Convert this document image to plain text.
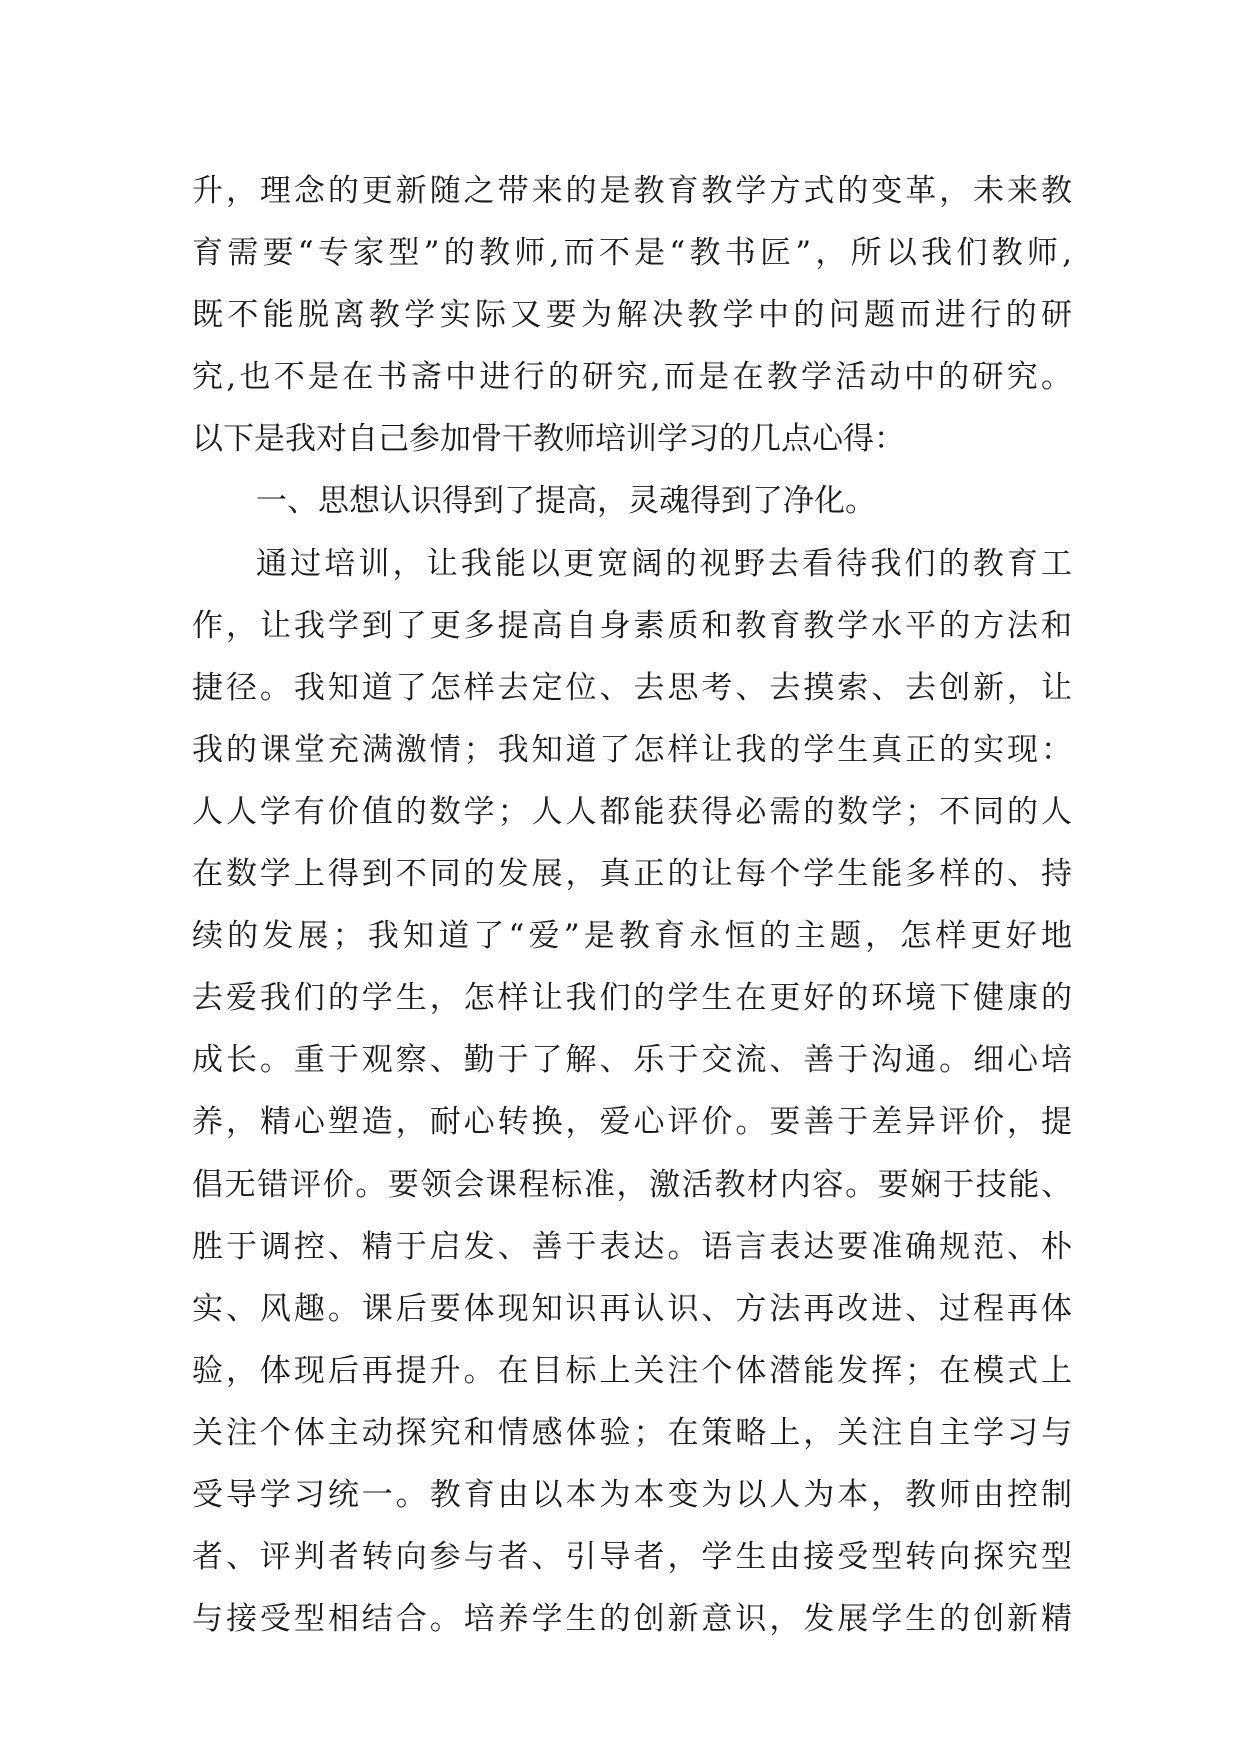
升，理念的更新随之带来的是教育教学方式的变革，未来教
育需要“专家型”的教师,而不是“教书匠”，所以我们教师,
既不能脱离教学实际又要为解决教学中的问题而进行的研
究,也不是在书斋中进行的研究,而是在教学活动中的研究。
以下是我对自己参加骨干教师培训学习的几点心得：
一、思想认识得到了提高，灵魂得到了净化。
通过培训，让我能以更宽阔的视野去看待我们的教育工
作，让我学到了更多提高自身素质和教育教学水平的方法和
捷径。我知道了怎样去定位、去思考、去摸索、去创新，让
我的课堂充满激情；我知道了怎样让我的学生真正的实现：
人人学有价值的数学；人人都能获得必需的数学；不同的人
在数学上得到不同的发展，真正的让每个学生能多样的、持
续的发展；我知道了“爱”是教育永恒的主题，怎样更好地
去爱我们的学生，怎样让我们的学生在更好的环境下健康的
成长。重于观察、勤于了解、乐于交流、善于沟通。细心培
养，精心塑造，耐心转换，爱心评价。要善于差异评价，提
倡无错评价。要领会课程标准，激活教材内容。要娴于技能、
胜于调控、精于启发、善于表达。语言表达要准确规范、朴
实、风趣。课后要体现知识再认识、方法再改进、过程再体
验，体现后再提升。在目标上关注个体潜能发挥；在模式上
关注个体主动探究和情感体验；在策略上，关注自主学习与
受导学习统一。教育由以本为本变为以人为本，教师由控制
者、评判者转向参与者、引导者，学生由接受型转向探究型
与接受型相结合。培养学生的创新意识，发展学生的创新精
